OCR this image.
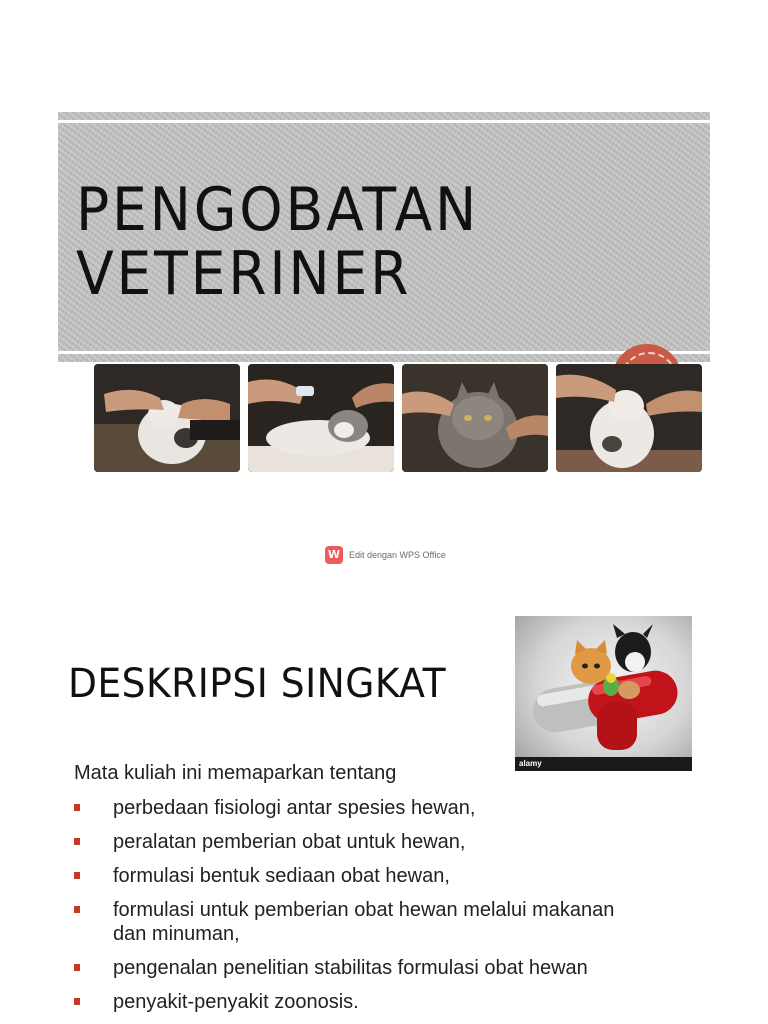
PENGOBATAN
VETERINER
W Edit dengan WPS Office
DESKRIPSI SINGKAT
alamy

Mata kuliah ini memaparkan tentang

perbedaan fisiologi antar spesies hewan,
peralatan pemberian obat untuk hewan,
formulasi bentuk sediaan obat hewan,
formulasi untuk pemberian obat hewan melalui makanan dan minuman,
pengenalan penelitian stabilitas formulasi obat hewan
penyakit-penyakit zoonosis.
